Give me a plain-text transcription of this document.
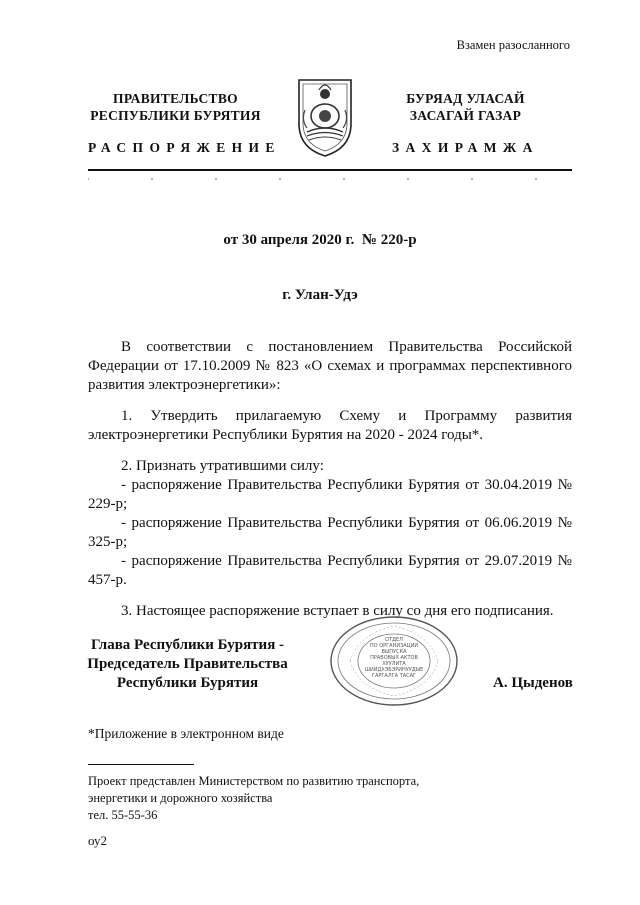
Взамен разосланного
ПРАВИТЕЛЬСТВО
РЕСПУБЛИКИ БУРЯТИЯ
БУРЯАД УЛАСАЙ
ЗАСАГАЙ ГАЗАР
РАСПОРЯЖЕНИЕ	ЗАХИРАМЖА
от 30 апреля 2020 г.  № 220-р
г. Улан-Удэ

В соответствии с постановлением Правительства Российской Федерации от 17.10.2009 № 823 «О схемах и программах перспективного развития электроэнергетики»:

1. Утвердить прилагаемую Схему и Программу развития электроэнергетики Республики Бурятия на 2020 - 2024 годы*.

2. Признать утратившими силу:

- распоряжение Правительства Республики Бурятия от 30.04.2019 № 229-р;

- распоряжение Правительства Республики Бурятия от 06.06.2019 № 325-р;

- распоряжение Правительства Республики Бурятия от 29.07.2019 № 457-р.

3. Настоящее распоряжение вступает в силу со дня его подписания.

Глава Республики Бурятия -
Председатель Правительства
Республики Бурятия
ОТДЕЛ
ПО ОРГАНИЗАЦИИ
ВЫПУСКА
ПРАВОВЫХ АКТОВ
ХУУЛИТА
ШИИДХЭБЭРИНУУДЫЕ
ГАРГАЛГА ТАСАГ	А. Цыденов
*Приложение в электронном виде
Проект представлен Министерством по развитию транспорта,
энергетики и дорожного хозяйства
тел. 55-55-36
оу2
